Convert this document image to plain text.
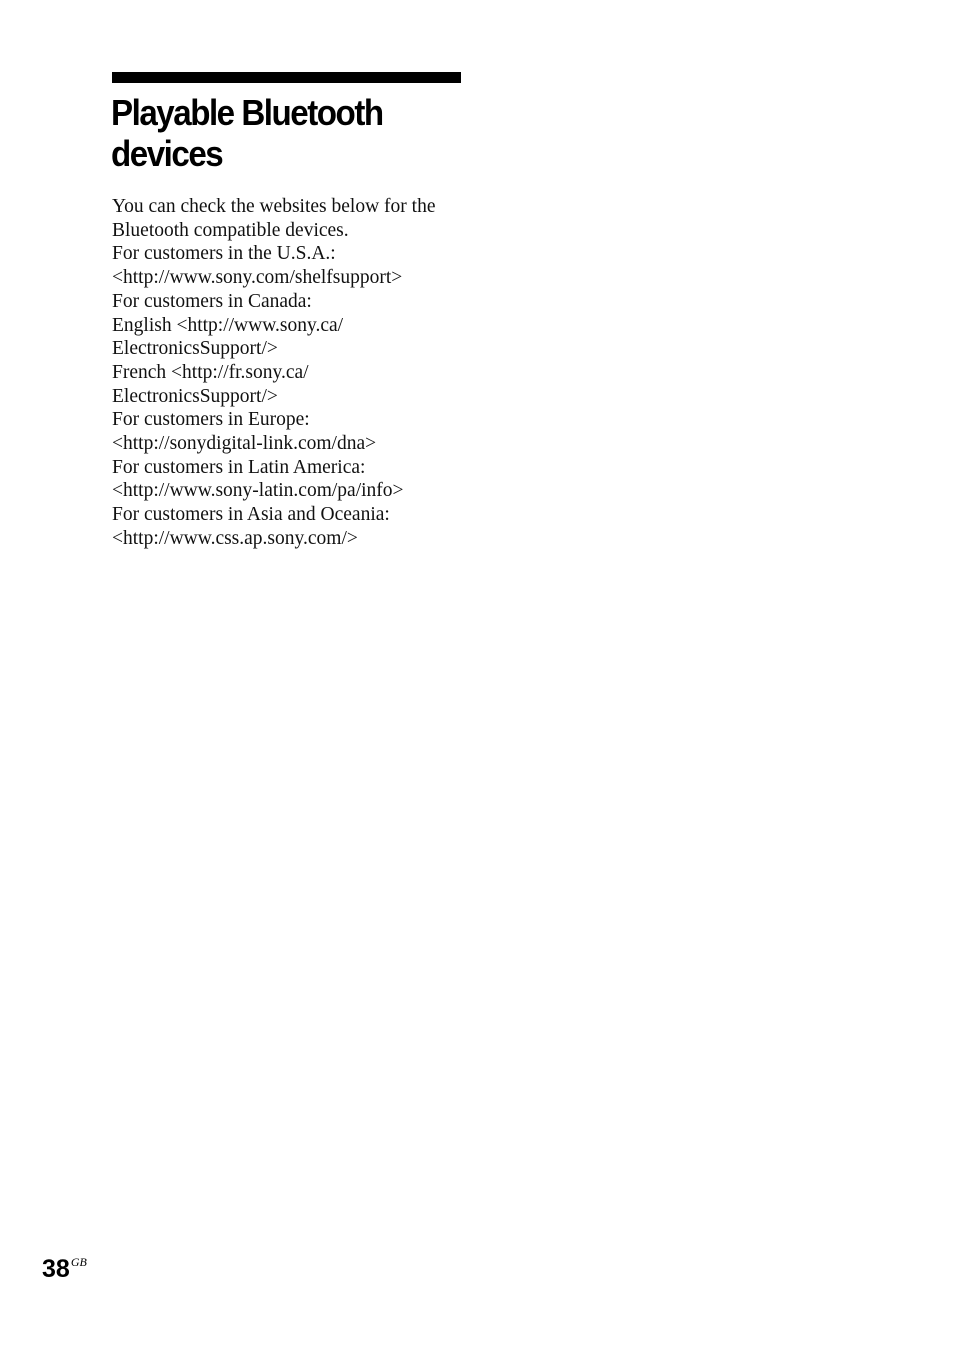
Playable Bluetooth
devices
You can check the websites below for the
Bluetooth compatible devices.
For customers in the U.S.A.:
<http://www.sony.com/shelfsupport>
For customers in Canada:
English <http://www.sony.ca/
ElectronicsSupport/>
French <http://fr.sony.ca/
ElectronicsSupport/>
For customers in Europe:
<http://sonydigital-link.com/dna>
For customers in Latin America:
<http://www.sony-latin.com/pa/info>
For customers in Asia and Oceania:
<http://www.css.ap.sony.com/>
$38^{GB}$
